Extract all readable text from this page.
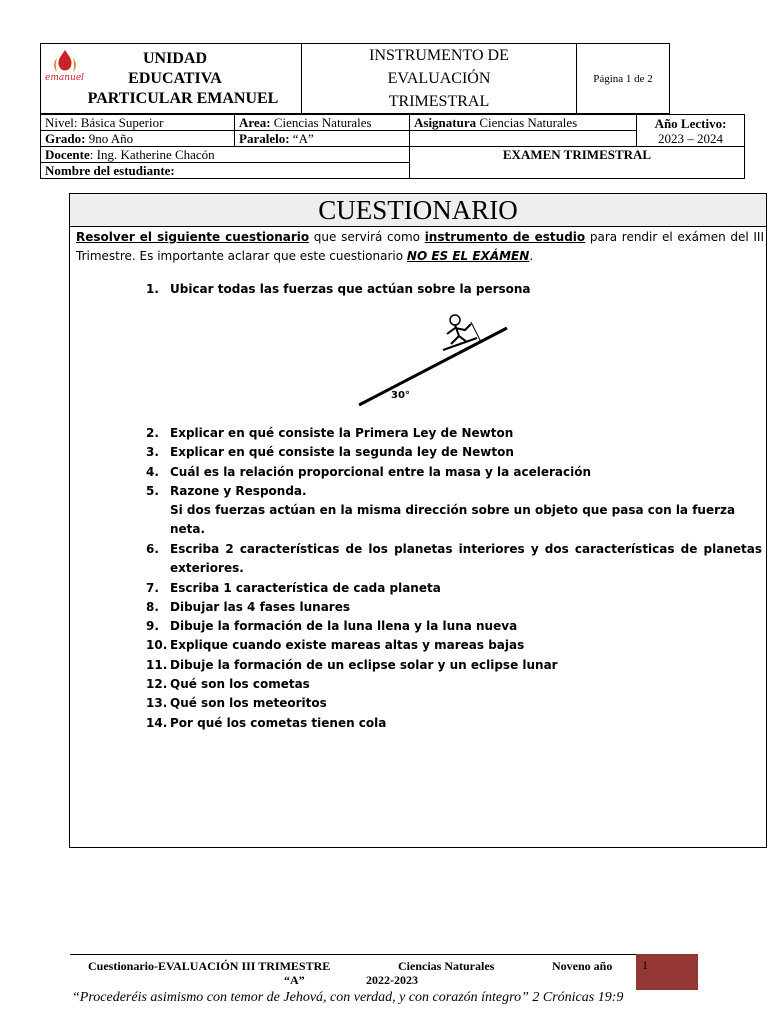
emanuel
UNIDAD
EDUCATIVA
PARTICULAR EMANUEL

INSTRUMENTO DE
EVALUACIÓN
TRIMESTRAL
	Página 1 de 2
Nivel: Básica Superior	Area: Ciencias Naturales	Asignatura Ciencias Naturales	Año Lectivo:
2023 – 2024

Grado: 9no Año	Paralelo: “A”		
Docente: Ing. Katherine Chacón		EXAMEN TRIMESTRAL	
Nombre del estudiante:			
CUESTIONARIO
Resolver el siguiente cuestionario que servirá como instrumento de estudio para rendir el exámen del III Trimestre. Es importante aclarar que este cuestionario NO ES EL EXÁMEN.
1. Ubicar todas las fuerzas que actúan sobre la persona
30°
2. Explicar en qué consiste la Primera Ley de Newton
3. Explicar en qué consiste la segunda ley de Newton
4. Cuál es la relación proporcional entre la masa y la aceleración
5. Razone y Responda.
Si dos fuerzas actúan en la misma dirección sobre un objeto que pasa con la fuerza neta.
6. Escriba 2 características de los planetas interiores y dos características de planetas exteriores.
7. Escriba 1 característica de cada planeta
8. Dibujar las 4 fases lunares
9. Dibuje la formación de la luna llena y la luna nueva
10. Explique cuando existe mareas altas y mareas bajas
11. Dibuje la formación de un eclipse solar y un eclipse lunar
12. Qué son los cometas
13. Qué son los meteoritos
14. Por qué los cometas tienen cola
Cuestionario-EVALUACIÓN III TRIMESTRE	Ciencias Naturales	Noveno año
“A”	2022-2023
1
“Procederéis asimismo con temor de Jehová, con verdad, y con corazón íntegro” 2 Crónicas 19:9
